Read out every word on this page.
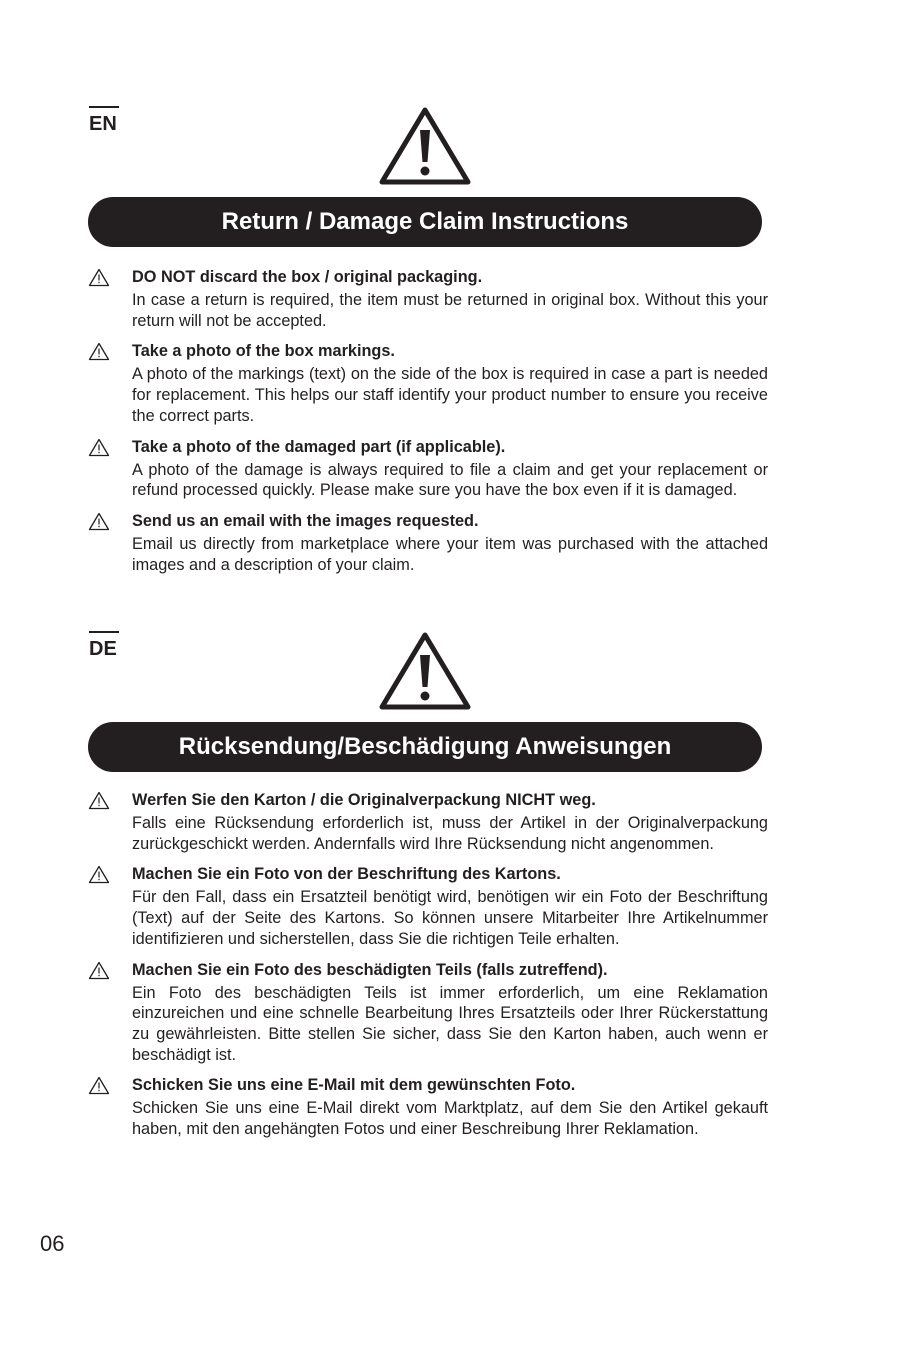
EN
Return / Damage Claim Instructions
DO NOT discard the box / original packaging.
In case a return is required, the item must be returned in original box. Without this your return will not be accepted.
Take a photo of the box markings.
A photo of the markings (text) on the side of the box is required in case a part is needed for replacement. This helps our staff identify your product number to ensure you receive the correct parts.
Take a photo of the damaged part (if applicable).
A photo of the damage is always required to file a claim and get your replacement or refund processed quickly. Please make sure you have the box even if it is damaged.
Send us an email with the images requested.
Email us directly from marketplace where your item was purchased with the attached images and a description of your claim.
DE
Rücksendung/Beschädigung Anweisungen
Werfen Sie den Karton / die Originalverpackung NICHT weg.
Falls eine Rücksendung erforderlich ist, muss der Artikel in der Originalverpackung zurückgeschickt werden. Andernfalls wird Ihre Rücksendung nicht angenommen.
Machen Sie ein Foto von der Beschriftung des Kartons.
Für den Fall, dass ein Ersatzteil benötigt wird, benötigen wir ein Foto der Beschriftung (Text) auf der Seite des Kartons. So können unsere Mitarbeiter Ihre Artikelnummer identifizieren und sicherstellen, dass Sie die richtigen Teile erhalten.
Machen Sie ein Foto des beschädigten Teils (falls zutreffend).
Ein Foto des beschädigten Teils ist immer erforderlich, um eine Reklamation einzureichen und eine schnelle Bearbeitung Ihres Ersatzteils oder Ihrer Rückerstattung zu gewährleisten. Bitte stellen Sie sicher, dass Sie den Karton haben, auch wenn er beschädigt ist.
Schicken Sie uns eine E-Mail mit dem gewünschten Foto.
Schicken Sie uns eine E-Mail direkt vom Marktplatz, auf dem Sie den Artikel gekauft haben, mit den angehängten Fotos und einer Beschreibung Ihrer Reklamation.
06
